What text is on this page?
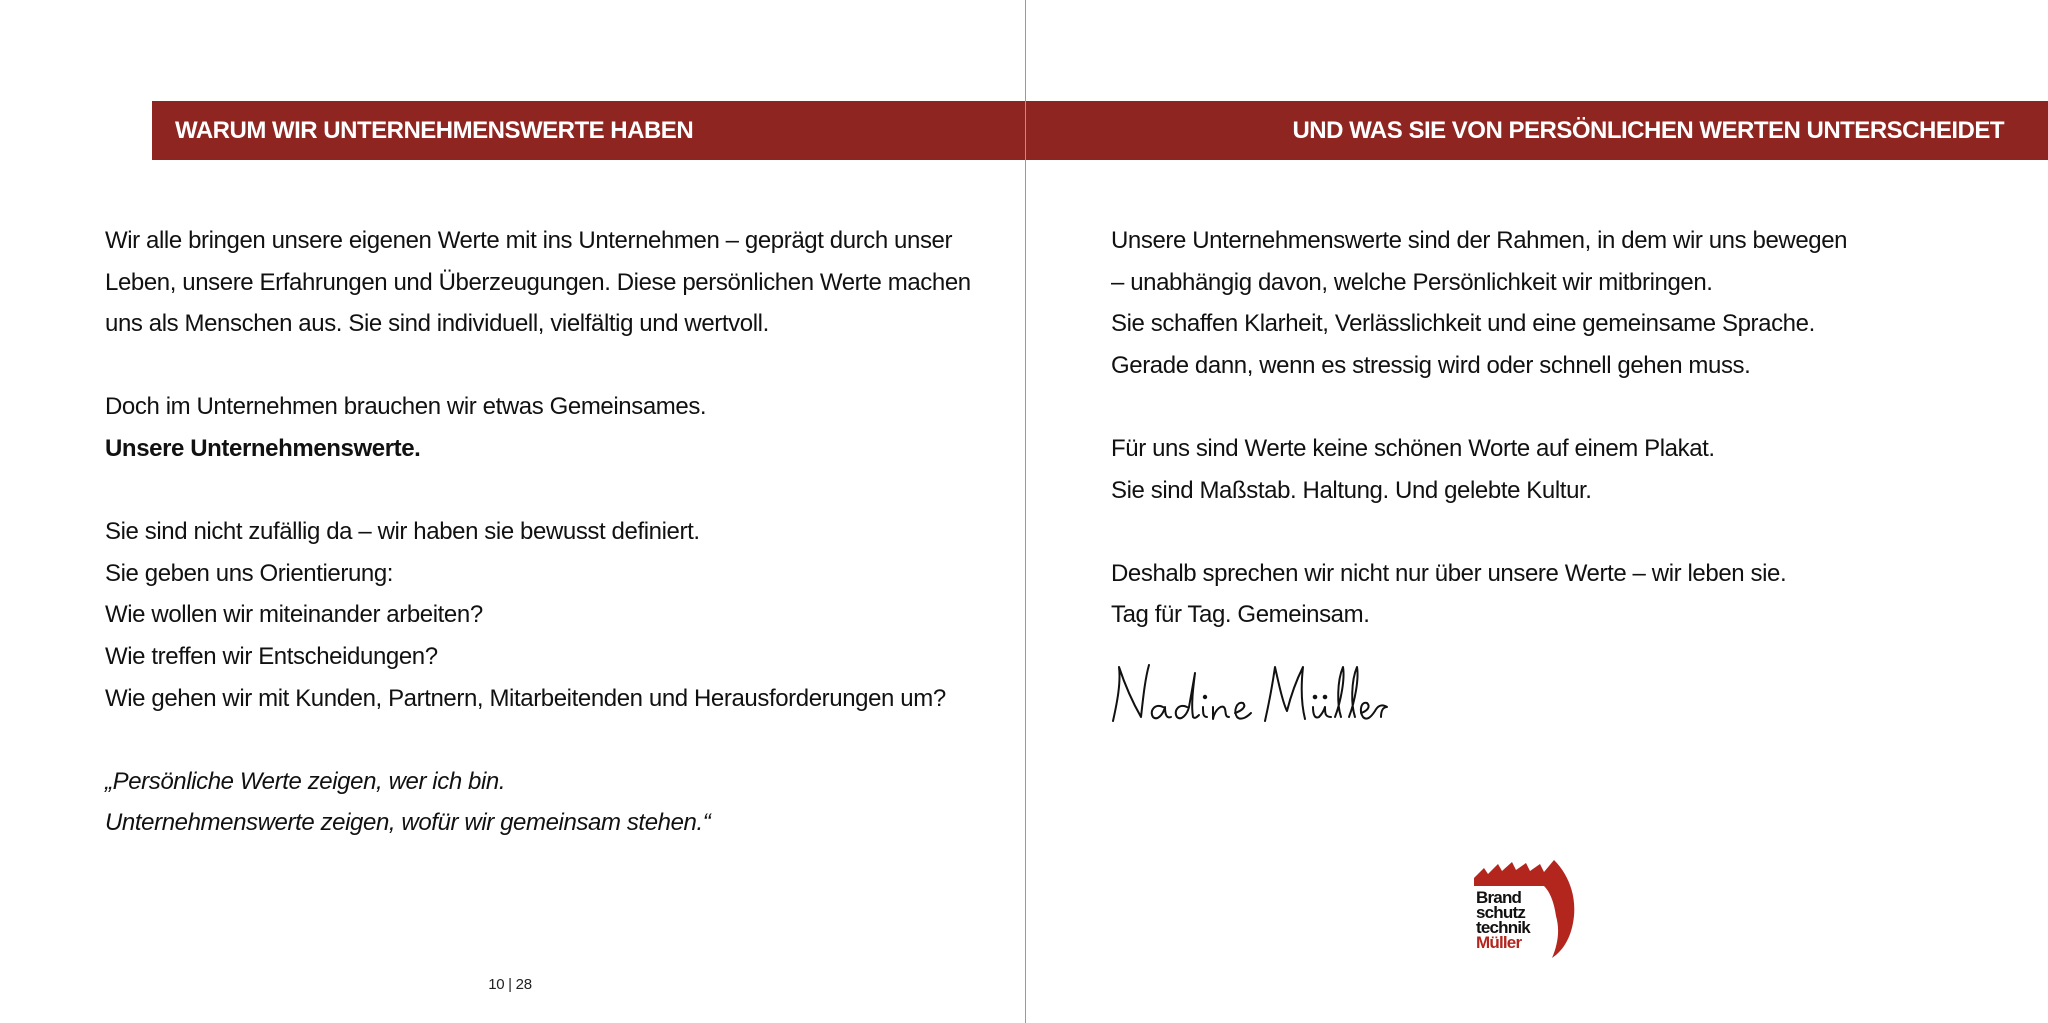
WARUM WIR UNTERNEHMENSWERTE HABEN	UND WAS SIE VON PERSÖNLICHEN WERTEN UNTERSCHEIDET

Wir alle bringen unsere eigenen Werte mit ins Unternehmen – geprägt durch unser
Leben, unsere Erfahrungen und Überzeugungen. Diese persönlichen Werte machen
uns als Menschen aus. Sie sind individuell, vielfältig und wertvoll.

Doch im Unternehmen brauchen wir etwas Gemeinsames.
Unsere Unternehmenswerte.

Sie sind nicht zufällig da – wir haben sie bewusst definiert.
Sie geben uns Orientierung:
Wie wollen wir miteinander arbeiten?
Wie treffen wir Entscheidungen?
Wie gehen wir mit Kunden, Partnern, Mitarbeitenden und Herausforderungen um?

„Persönliche Werte zeigen, wer ich bin.
Unternehmenswerte zeigen, wofür wir gemeinsam stehen.“

Unsere Unternehmenswerte sind der Rahmen, in dem wir uns bewegen
– unabhängig davon, welche Persönlichkeit wir mitbringen.
Sie schaffen Klarheit, Verlässlichkeit und eine gemeinsame Sprache.
Gerade dann, wenn es stressig wird oder schnell gehen muss.

Für uns sind Werte keine schönen Worte auf einem Plakat.
Sie sind Maßstab. Haltung. Und gelebte Kultur.

Deshalb sprechen wir nicht nur über unsere Werte – wir leben sie.
Tag für Tag. Gemeinsam.

Brand
schutz
technik
Müller
10 | 28
